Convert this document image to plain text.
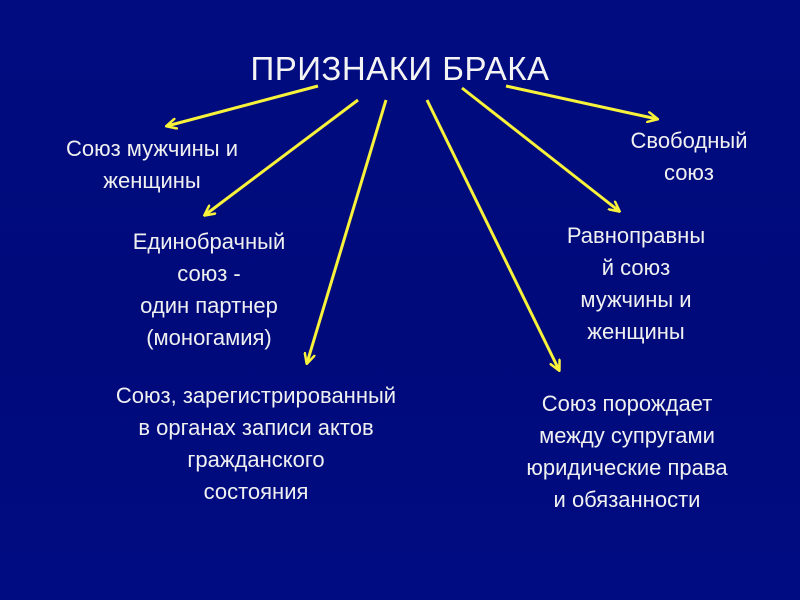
ПРИЗНАКИ БРАКА
Союз мужчины и
женщины
Единобрачный
союз -
один партнер
(моногамия)
Союз, зарегистрированный
в органах записи актов
гражданского
состояния
Свободный
союз
Равноправны
й союз
мужчины и
женщины
Союз порождает
между супругами
юридические права
и обязанности
